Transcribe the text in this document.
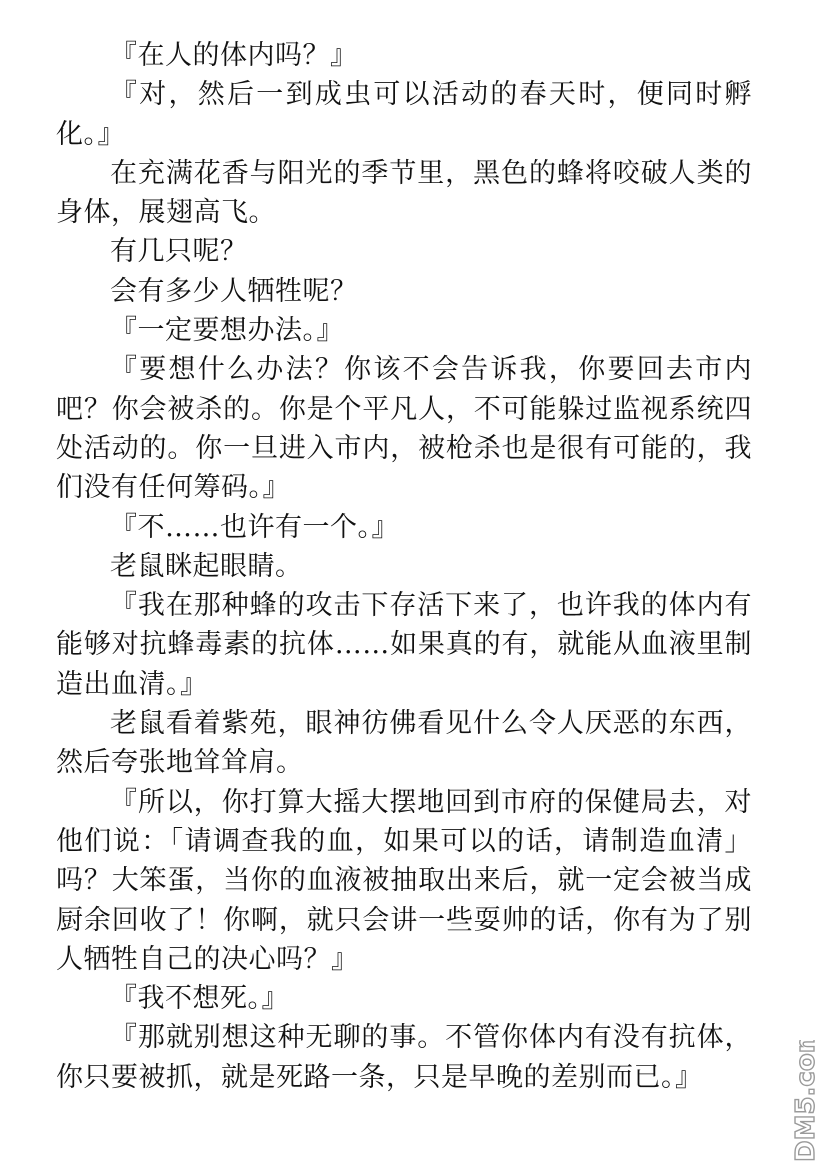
『在人的体内吗？』

『对，然后一到成虫可以活动的春天时，便同时孵化。』

在充满花香与阳光的季节里，黑色的蜂将咬破人类的身体，展翅高飞。

有几只呢？

会有多少人牺牲呢？

『一定要想办法。』

『要想什么办法？你该不会告诉我，你要回去市内吧？你会被杀的。你是个平凡人，不可能躲过监视系统四处活动的。你一旦进入市内，被枪杀也是很有可能的，我们没有任何筹码。』

『不……也许有一个。』

老鼠眯起眼睛。

『我在那种蜂的攻击下存活下来了，也许我的体内有能够对抗蜂毒素的抗体……如果真的有，就能从血液里制造出血清。』

老鼠看着紫苑，眼神彷佛看见什么令人厌恶的东西，然后夸张地耸耸肩。

『所以，你打算大摇大摆地回到市府的保健局去，对他们说：「请调查我的血，如果可以的话，请制造血清」吗？大笨蛋，当你的血液被抽取出来后，就一定会被当成厨余回收了！你啊，就只会讲一些耍帅的话，你有为了别人牺牲自己的决心吗？』

『我不想死。』

『那就别想这种无聊的事。不管你体内有没有抗体，你只要被抓，就是死路一条，只是早晚的差别而已。』	DM5.com
